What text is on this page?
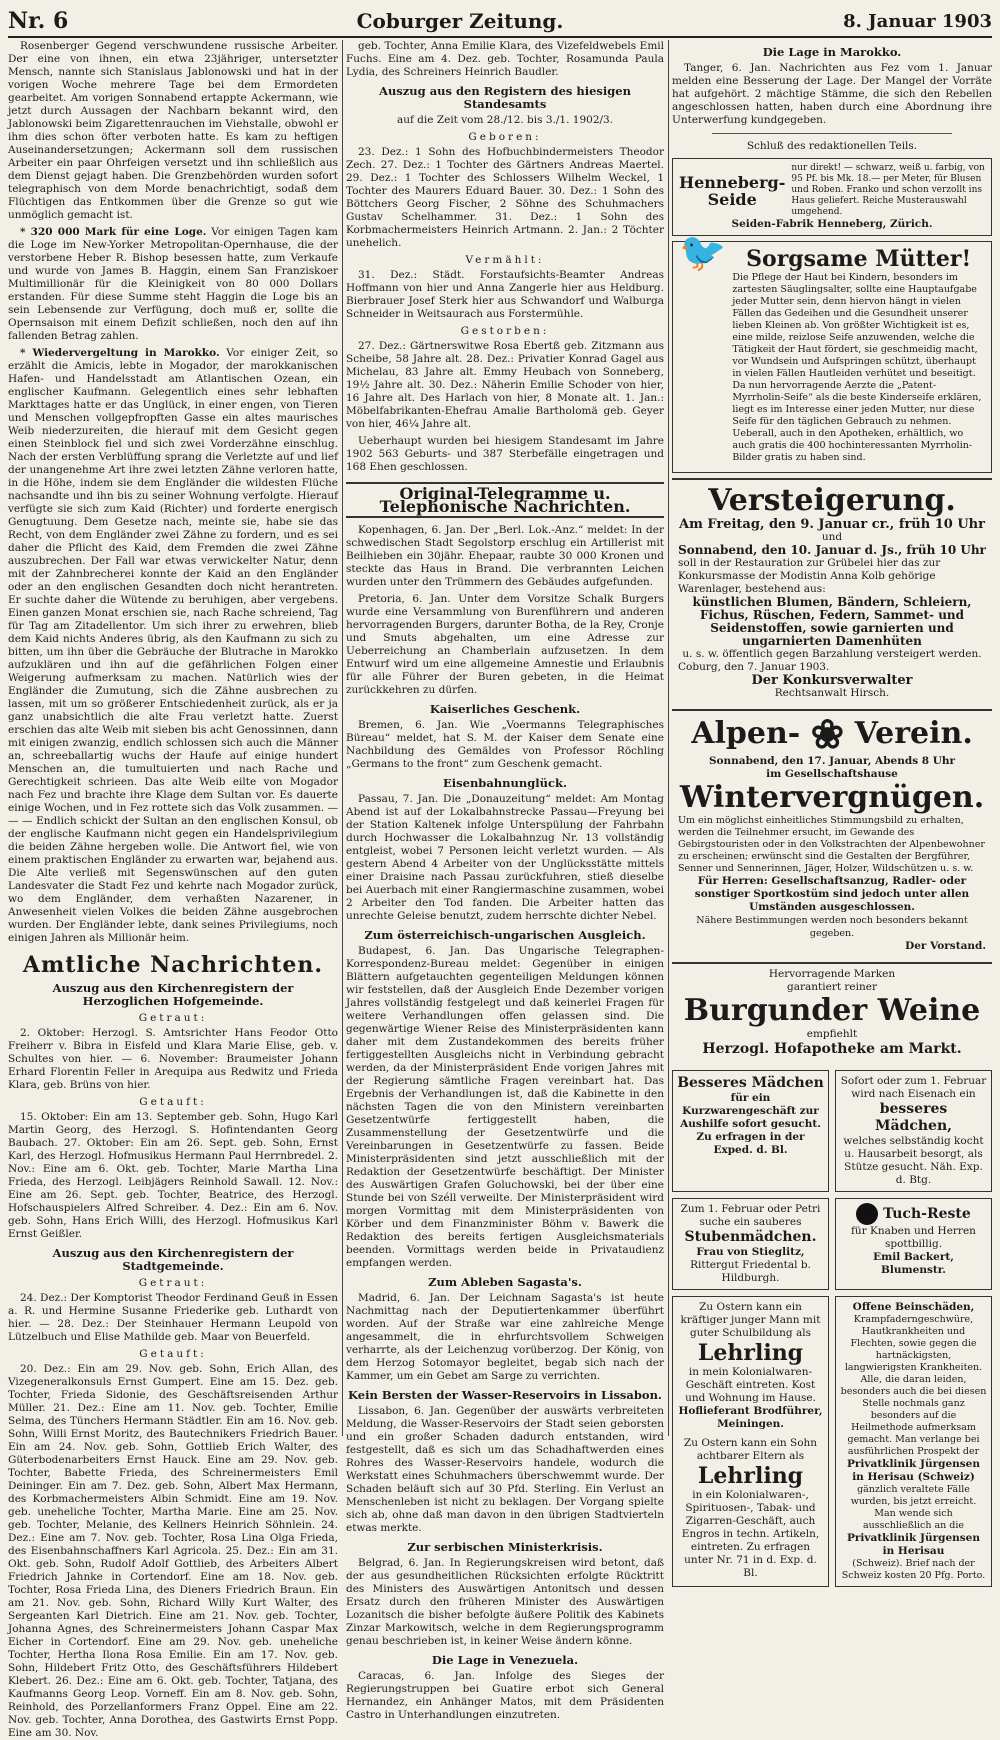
Nr. 6	Coburger Zeitung.	8. Januar 1903

Rosenberger Gegend verschwundene russische Arbeiter. Der eine von ihnen, ein etwa 23jähriger, untersetzter Mensch, nannte sich Stanislaus Jablonowski und hat in der vorigen Woche mehrere Tage bei dem Ermordeten gearbeitet. Am vorigen Sonnabend ertappte Ackermann, wie jetzt durch Aussagen der Nachbarn bekannt wird, den Jablonowski beim Zigarettenrauchen im Viehstalle, obwohl er ihm dies schon öfter verboten hatte. Es kam zu heftigen Auseinandersetzungen; Ackermann soll dem russischen Arbeiter ein paar Ohrfeigen versetzt und ihn schließlich aus dem Dienst gejagt haben. Die Grenzbehörden wurden sofort telegraphisch von dem Morde benachrichtigt, sodaß dem Flüchtigen das Entkommen über die Grenze so gut wie unmöglich gemacht ist.

* 320 000 Mark für eine Loge. Vor einigen Tagen kam die Loge im New-Yorker Metropolitan-Opernhause, die der verstorbene Heber R. Bishop besessen hatte, zum Verkaufe und wurde von James B. Haggin, einem San Franziskoer Multimillionär für die Kleinigkeit von 80 000 Dollars erstanden. Für diese Summe steht Haggin die Loge bis an sein Lebensende zur Verfügung, doch muß er, sollte die Opernsaison mit einem Defizit schließen, noch den auf ihn fallenden Betrag zahlen.

* Wiedervergeltung in Marokko. Vor einiger Zeit, so erzählt die Amicis, lebte in Mogador, der marokkanischen Hafen- und Handelsstadt am Atlantischen Ozean, ein englischer Kaufmann. Gelegentlich eines sehr lebhaften Markttages hatte er das Unglück, in einer engen, von Tieren und Menschen vollgepfropften Gasse ein altes maurisches Weib niederzureiten, die hierauf mit dem Gesicht gegen einen Steinblock fiel und sich zwei Vorderzähne einschlug. Nach der ersten Verblüffung sprang die Verletzte auf und lief der unangenehme Art ihre zwei letzten Zähne verloren hatte, in die Höhe, indem sie dem Engländer die wildesten Flüche nachsandte und ihn bis zu seiner Wohnung verfolgte. Hierauf verfügte sie sich zum Kaid (Richter) und forderte energisch Genugtuung. Dem Gesetze nach, meinte sie, habe sie das Recht, von dem Engländer zwei Zähne zu fordern, und es sei daher die Pflicht des Kaid, dem Fremden die zwei Zähne auszubrechen. Der Fall war etwas verwickelter Natur, denn mit der Zahnbrecherei konnte der Kaid an den Engländer oder an den englischen Gesandten doch nicht herantreten. Er suchte daher die Wütende zu beruhigen, aber vergebens. Einen ganzen Monat erschien sie, nach Rache schreiend, Tag für Tag am Zitadellentor. Um sich ihrer zu erwehren, blieb dem Kaid nichts Anderes übrig, als den Kaufmann zu sich zu bitten, um ihn über die Gebräuche der Blutrache in Marokko aufzuklären und ihn auf die gefährlichen Folgen einer Weigerung aufmerksam zu machen. Natürlich wies der Engländer die Zumutung, sich die Zähne ausbrechen zu lassen, mit um so größerer Entschiedenheit zurück, als er ja ganz unabsichtlich die alte Frau verletzt hatte. Zuerst erschien das alte Weib mit sieben bis acht Genossinnen, dann mit einigen zwanzig, endlich schlossen sich auch die Männer an, schreeballartig wuchs der Haufe auf einige hundert Menschen an, die tumultuierten und nach Rache und Gerechtigkeit schrieen. Das alte Weib eilte von Mogador nach Fez und brachte ihre Klage dem Sultan vor. Es dauerte einige Wochen, und in Fez rottete sich das Volk zusammen. — — — Endlich schickt der Sultan an den englischen Konsul, ob der englische Kaufmann nicht gegen ein Handelsprivilegium die beiden Zähne hergeben wolle. Die Antwort fiel, wie von einem praktischen Engländer zu erwarten war, bejahend aus. Die Alte verließ mit Segenswünschen auf den guten Landesvater die Stadt Fez und kehrte nach Mogador zurück, wo dem Engländer, dem verhaßten Nazarener, in Anwesenheit vielen Volkes die beiden Zähne ausgebrochen wurden. Der Engländer lebte, dank seines Privilegiums, noch einigen Jahren als Millionär heim.

Amtliche Nachrichten.
Auszug aus den Kirchenregistern der Herzoglichen Hofgemeinde.
Getraut:

2. Oktober: Herzogl. S. Amtsrichter Hans Feodor Otto Freiherr v. Bibra in Eisfeld und Klara Marie Elise, geb. v. Schultes von hier. — 6. November: Braumeister Johann Erhard Florentin Feller in Arequipa aus Redwitz und Frieda Klara, geb. Brüns von hier.

Getauft:

15. Oktober: Ein am 13. September geb. Sohn, Hugo Karl Martin Georg, des Herzogl. S. Hofintendanten Georg Baubach. 27. Oktober: Ein am 26. Sept. geb. Sohn, Ernst Karl, des Herzogl. Hofmusikus Hermann Paul Herrnbredel. 2. Nov.: Eine am 6. Okt. geb. Tochter, Marie Martha Lina Frieda, des Herzogl. Leibjägers Reinhold Sawall. 12. Nov.: Eine am 26. Sept. geb. Tochter, Beatrice, des Herzogl. Hofschauspielers Alfred Schreiber. 4. Dez.: Ein am 6. Nov. geb. Sohn, Hans Erich Willi, des Herzogl. Hofmusikus Karl Ernst Geißler.

Auszug aus den Kirchenregistern der Stadtgemeinde.
Getraut:

24. Dez.: Der Komptorist Theodor Ferdinand Geuß in Essen a. R. und Hermine Susanne Friederike geb. Luthardt von hier. — 28. Dez.: Der Steinhauer Hermann Leupold von Lützelbuch und Elise Mathilde geb. Maar von Beuerfeld.

Getauft:

20. Dez.: Ein am 29. Nov. geb. Sohn, Erich Allan, des Vizegeneralkonsuls Ernst Gumpert. Eine am 15. Dez. geb. Tochter, Frieda Sidonie, des Geschäftsreisenden Arthur Müller. 21. Dez.: Eine am 11. Nov. geb. Tochter, Emilie Selma, des Tünchers Hermann Städtler. Ein am 16. Nov. geb. Sohn, Willi Ernst Moritz, des Bautechnikers Friedrich Bauer. Ein am 24. Nov. geb. Sohn, Gottlieb Erich Walter, des Güterbodenarbeiters Ernst Hauck. Eine am 29. Nov. geb. Tochter, Babette Frieda, des Schreinermeisters Emil Deininger. Ein am 7. Dez. geb. Sohn, Albert Max Hermann, des Korbmachermeisters Albin Schmidt. Eine am 19. Nov. geb. uneheliche Tochter, Martha Marie. Eine am 25. Nov. geb. Tochter, Melanie, des Kellners Heinrich Söhnlein. 24. Dez.: Eine am 7. Nov. geb. Tochter, Rosa Lina Olga Frieda, des Eisenbahnschaffners Karl Agricola. 25. Dez.: Ein am 31. Okt. geb. Sohn, Rudolf Adolf Gottlieb, des Arbeiters Albert Friedrich Jahnke in Cortendorf. Eine am 18. Nov. geb. Tochter, Rosa Frieda Lina, des Dieners Friedrich Braun. Ein am 21. Nov. geb. Sohn, Richard Willy Kurt Walter, des Sergeanten Karl Dietrich. Eine am 21. Nov. geb. Tochter, Johanna Agnes, des Schreinermeisters Johann Caspar Max Eicher in Cortendorf. Eine am 29. Nov. geb. uneheliche Tochter, Hertha Ilona Rosa Emilie. Ein am 17. Nov. geb. Sohn, Hildebert Fritz Otto, des Geschäftsführers Hildebert Klebert. 26. Dez.: Eine am 6. Okt. geb. Tochter, Tatjana, des Kaufmanns Georg Leop. Vorneff. Ein am 8. Nov. geb. Sohn, Reinhold, des Porzellanformers Franz Oppel. Eine am 22. Nov. geb. Tochter, Anna Dorothea, des Gastwirts Ernst Popp. Eine am 30. Nov.

geb. Tochter, Anna Emilie Klara, des Vizefeldwebels Emil Fuchs. Eine am 4. Dez. geb. Tochter, Rosamunda Paula Lydia, des Schreiners Heinrich Baudler.

Auszug aus den Registern des hiesigen Standesamts
auf die Zeit vom 28./12. bis 3./1. 1902/3.
Geboren:

23. Dez.: 1 Sohn des Hofbuchbindermeisters Theodor Zech. 27. Dez.: 1 Tochter des Gärtners Andreas Maertel. 29. Dez.: 1 Tochter des Schlossers Wilhelm Weckel, 1 Tochter des Maurers Eduard Bauer. 30. Dez.: 1 Sohn des Böttchers Georg Fischer, 2 Söhne des Schuhmachers Gustav Schelhammer. 31. Dez.: 1 Sohn des Korbmachermeisters Heinrich Artmann. 2. Jan.: 2 Töchter unehelich.

Vermählt:

31. Dez.: Städt. Forstaufsichts-Beamter Andreas Hoffmann von hier und Anna Zangerle hier aus Heldburg. Bierbrauer Josef Sterk hier aus Schwandorf und Walburga Schneider in Weitsaurach aus Forstermühle.

Gestorben:

27. Dez.: Gärtnerswitwe Rosa Ebertß geb. Zitzmann aus Scheibe, 58 Jahre alt. 28. Dez.: Privatier Konrad Gagel aus Michelau, 83 Jahre alt. Emmy Heubach von Sonneberg, 19½ Jahre alt. 30. Dez.: Näherin Emilie Schoder von hier, 16 Jahre alt. Des Harlach von hier, 8 Monate alt. 1. Jan.: Möbelfabrikanten-Ehefrau Amalie Bartholomä geb. Geyer von hier, 46¼ Jahre alt.

Ueberhaupt wurden bei hiesigem Standesamt im Jahre 1902 563 Geburts- und 387 Sterbefälle eingetragen und 168 Ehen geschlossen.

Original-Telegramme u. Telephonische Nachrichten.

Kopenhagen, 6. Jan. Der „Berl. Lok.-Anz.“ meldet: In der schwedischen Stadt Segolstorp erschlug ein Artillerist mit Beilhieben ein 30jähr. Ehepaar, raubte 30 000 Kronen und steckte das Haus in Brand. Die verbrannten Leichen wurden unter den Trümmern des Gebäudes aufgefunden.

Pretoria, 6. Jan. Unter dem Vorsitze Schalk Burgers wurde eine Versammlung von Burenführern und anderen hervorragenden Burgers, darunter Botha, de la Rey, Cronje und Smuts abgehalten, um eine Adresse zur Ueberreichung an Chamberlain aufzusetzen. In dem Entwurf wird um eine allgemeine Amnestie und Erlaubnis für alle Führer der Buren gebeten, in die Heimat zurückkehren zu dürfen.

Kaiserliches Geschenk.

Bremen, 6. Jan. Wie „Voermanns Telegraphisches Büreau“ meldet, hat S. M. der Kaiser dem Senate eine Nachbildung des Gemäldes von Professor Röchling „Germans to the front“ zum Geschenk gemacht.

Eisenbahnunglück.

Passau, 7. Jan. Die „Donauzeitung“ meldet: Am Montag Abend ist auf der Lokalbahnstrecke Passau—Freyung bei der Station Kaltenek infolge Unterspülung der Fahrbahn durch Hochwasser die Lokalbahnzug Nr. 13 vollständig entgleist, wobei 7 Personen leicht verletzt wurden. — Als gestern Abend 4 Arbeiter von der Unglücksstätte mittels einer Draisine nach Passau zurückfuhren, stieß dieselbe bei Auerbach mit einer Rangiermaschine zusammen, wobei 2 Arbeiter den Tod fanden. Die Arbeiter hatten das unrechte Geleise benutzt, zudem herrschte dichter Nebel.

Zum österreichisch-ungarischen Ausgleich.

Budapest, 6. Jan. Das Ungarische Telegraphen-Korrespondenz-Bureau meldet: Gegenüber in einigen Blättern aufgetauchten gegenteiligen Meldungen können wir feststellen, daß der Ausgleich Ende Dezember vorigen Jahres vollständig festgelegt und daß keinerlei Fragen für weitere Verhandlungen offen gelassen sind. Die gegenwärtige Wiener Reise des Ministerpräsidenten kann daher mit dem Zustandekommen des bereits früher fertiggestellten Ausgleichs nicht in Verbindung gebracht werden, da der Ministerpräsident Ende vorigen Jahres mit der Regierung sämtliche Fragen vereinbart hat. Das Ergebnis der Verhandlungen ist, daß die Kabinette in den nächsten Tagen die von den Ministern vereinbarten Gesetzentwürfe fertiggestellt haben, die Zusammenstellung der Gesetzentwürfe und die Vereinbarungen in Gesetzentwürfe zu fassen. Beide Ministerpräsidenten sind jetzt ausschließlich mit der Redaktion der Gesetzentwürfe beschäftigt. Der Minister des Auswärtigen Grafen Goluchowski, bei der über eine Stunde bei von Széll verweilte. Der Ministerpräsident wird morgen Vormittag mit dem Ministerpräsidenten von Körber und dem Finanzminister Böhm v. Bawerk die Redaktion des bereits fertigen Ausgleichsmaterials beenden. Vormittags werden beide in Privataudienz empfangen werden.

Zum Ableben Sagasta's.

Madrid, 6. Jan. Der Leichnam Sagasta's ist heute Nachmittag nach der Deputiertenkammer überführt worden. Auf der Straße war eine zahlreiche Menge angesammelt, die in ehrfurchtsvollem Schweigen verharrte, als der Leichenzug vorüberzog. Der König, von dem Herzog Sotomayor begleitet, begab sich nach der Kammer, um ein Gebet am Sarge zu verrichten.

Kein Bersten der Wasser-Reservoirs in Lissabon.

Lissabon, 6. Jan. Gegenüber der auswärts verbreiteten Meldung, die Wasser-Reservoirs der Stadt seien geborsten und ein großer Schaden dadurch entstanden, wird festgestellt, daß es sich um das Schadhaftwerden eines Rohres des Wasser-Reservoirs handele, wodurch die Werkstatt eines Schuhmachers überschwemmt wurde. Der Schaden beläuft sich auf 30 Pfd. Sterling. Ein Verlust an Menschenleben ist nicht zu beklagen. Der Vorgang spielte sich ab, ohne daß man davon in den übrigen Stadtvierteln etwas merkte.

Zur serbischen Ministerkrisis.

Belgrad, 6. Jan. In Regierungskreisen wird betont, daß der aus gesundheitlichen Rücksichten erfolgte Rücktritt des Ministers des Auswärtigen Antonitsch und dessen Ersatz durch den früheren Minister des Auswärtigen Lozanitsch die bisher befolgte äußere Politik des Kabinets Zinzar Markowitsch, welche in dem Regierungsprogramm genau beschrieben ist, in keiner Weise ändern könne.

Die Lage in Venezuela.

Caracas, 6. Jan. Infolge des Sieges der Regierungstruppen bei Guatire erbot sich General Hernandez, ein Anhänger Matos, mit dem Präsidenten Castro in Unterhandlungen einzutreten.

Die Lage in Marokko.

Tanger, 6. Jan. Nachrichten aus Fez vom 1. Januar melden eine Besserung der Lage. Der Mangel der Vorräte hat aufgehört. 2 mächtige Stämme, die sich den Rebellen angeschlossen hatten, haben durch eine Abordnung ihre Unterwerfung kundgegeben.

Schluß des redaktionellen Teils.
Henneberg-Seide
nur direkt! — schwarz, weiß u. farbig, von 95 Pf. bis Mk. 18.— per Meter, für Blusen und Roben. Franko und schon verzollt ins Haus geliefert. Reiche Musterauswahl umgehend.
Seiden-Fabrik Henneberg, Zürich.
🐦 Sorgsame Mütter!

Die Pflege der Haut bei Kindern, besonders im zartesten Säuglingsalter, sollte eine Hauptaufgabe jeder Mutter sein, denn hiervon hängt in vielen Fällen das Gedeihen und die Gesundheit unserer lieben Kleinen ab. Von größter Wichtigkeit ist es, eine milde, reizlose Seife anzuwenden, welche die Tätigkeit der Haut fördert, sie geschmeidig macht, vor Wundsein und Aufspringen schützt, überhaupt in vielen Fällen Hautleiden verhütet und beseitigt. Da nun hervorragende Aerzte die „Patent-Myrrholin-Seife“ als die beste Kinderseife erklären, liegt es im Interesse einer jeden Mutter, nur diese Seife für den täglichen Gebrauch zu nehmen. Ueberall, auch in den Apotheken, erhältlich, wo auch gratis die 400 hochinteressanten Myrrholin-Bilder gratis zu haben sind.

Versteigerung.
Am Freitag, den 9. Januar cr., früh 10 Uhr
und
Sonnabend, den 10. Januar d. Js., früh 10 Uhr
soll in der Restauration zur Grübelei hier das zur Konkursmasse der Modistin Anna Kolb gehörige Warenlager, bestehend aus:
künstlichen Blumen, Bändern, Schleiern, Fichus, Rüschen, Federn, Sammet- und Seidenstoffen, sowie garnierten und ungarnierten Damenhüten
u. s. w. öffentlich gegen Barzahlung versteigert werden.
Coburg, den 7. Januar 1903.
Der Konkursverwalter
Rechtsanwalt Hirsch.
Alpen- ❀ Verein.
Sonnabend, den 17. Januar, Abends 8 Uhr
im Gesellschaftshause
Wintervergnügen.
Um ein möglichst einheitliches Stimmungsbild zu erhalten, werden die Teilnehmer ersucht, im Gewande des Gebirgstouristen oder in den Volkstrachten der Alpenbewohner zu erscheinen; erwünscht sind die Gestalten der Bergführer, Senner und Sennerinnen, Jäger, Holzer, Wildschützen u. s. w.
Für Herren: Gesellschaftsanzug, Radler- oder sonstiger Sportkostüm sind jedoch unter allen Umständen ausgeschlossen.
Nähere Bestimmungen werden noch besonders bekannt gegeben.
Der Vorstand.
Hervorragende Marken
garantiert reiner
Burgunder Weine
empfiehlt
Herzogl. Hofapotheke am Markt.
Besseres Mädchen
für ein Kurzwarengeschäft zur Aushilfe sofort gesucht.
Zu erfragen in der Exped. d. Bl.
Sofort oder zum 1. Februar wird nach Eisenach ein
besseres Mädchen,
welches selbständig kocht u. Hausarbeit besorgt, als Stütze gesucht. Näh. Exp. d. Btg.
Zum 1. Februar oder Petri suche ein sauberes
Stubenmädchen.
Frau von Stieglitz,
Rittergut Friedental b. Hildburgh.
Tuch-Reste
für Knaben und Herren spottbillig.
Emil Backert, Blumenstr.
Zu Ostern kann ein kräftiger junger Mann mit guter Schulbildung als
Lehrling
in mein Kolonialwaren-Geschäft eintreten. Kost und Wohnung im Hause.
Hoflieferant Brodführer, Meiningen.
Zu Ostern kann ein Sohn achtbarer Eltern als
Lehrling
in ein Kolonialwaren-, Spirituosen-, Tabak- und Zigarren-Geschäft, auch Engros in techn. Artikeln, eintreten. Zu erfragen unter Nr. 71 in d. Exp. d. Bl.
Offene Beinschäden,
Krampfaderngeschwüre, Hautkrankheiten und Flechten, sowie gegen die hartnäckigsten, langwierigsten Krankheiten. Alle, die daran leiden, besonders auch die bei diesen Stelle nochmals ganz besonders auf die Heilmethode aufmerksam gemacht. Man verlange bei ausführlichen Prospekt der
Privatklinik Jürgensen in Herisau (Schweiz)
gänzlich veraltete Fälle wurden, bis jetzt erreicht. Man wende sich ausschließlich an die
Privatklinik Jürgensen in Herisau
(Schweiz). Brief nach der Schweiz kosten 20 Pfg. Porto.
